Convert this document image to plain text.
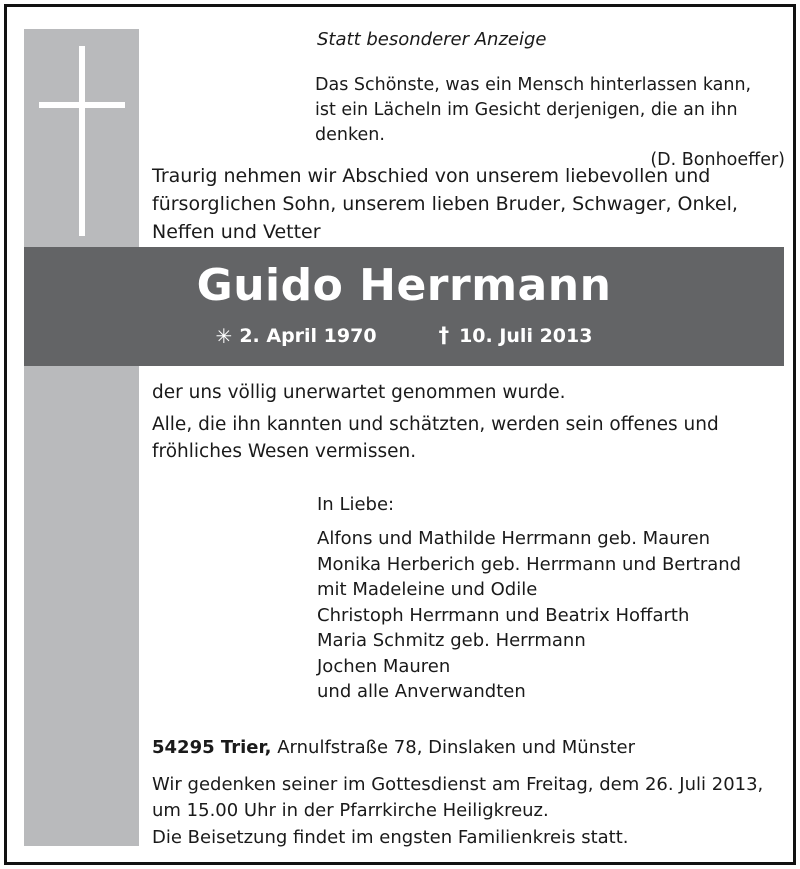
Statt besonderer Anzeige
Das Schönste, was ein Mensch hinterlassen kann,
ist ein Lächeln im Gesicht derjenigen, die an ihn denken.
(D. Bonhoeffer)
Traurig nehmen wir Abschied von unserem liebevollen und
fürsorglichen Sohn, unserem lieben Bruder, Schwager, Onkel,
Neffen und Vetter
Guido Herrmann
✳ 2. April 1970	† 10. Juli 2013
der uns völlig unerwartet genommen wurde.
Alle, die ihn kannten und schätzten, werden sein offenes und
fröhliches Wesen vermissen.
In Liebe:
Alfons und Mathilde Herrmann geb. Mauren
Monika Herberich geb. Herrmann und Bertrand
mit Madeleine und Odile
Christoph Herrmann und Beatrix Hoffarth
Maria Schmitz geb. Herrmann
Jochen Mauren
und alle Anverwandten
54295 Trier, Arnulfstraße 78, Dinslaken und Münster
Wir gedenken seiner im Gottesdienst am Freitag, dem 26. Juli 2013,
um 15.00 Uhr in der Pfarrkirche Heiligkreuz.
Die Beisetzung findet im engsten Familienkreis statt.
